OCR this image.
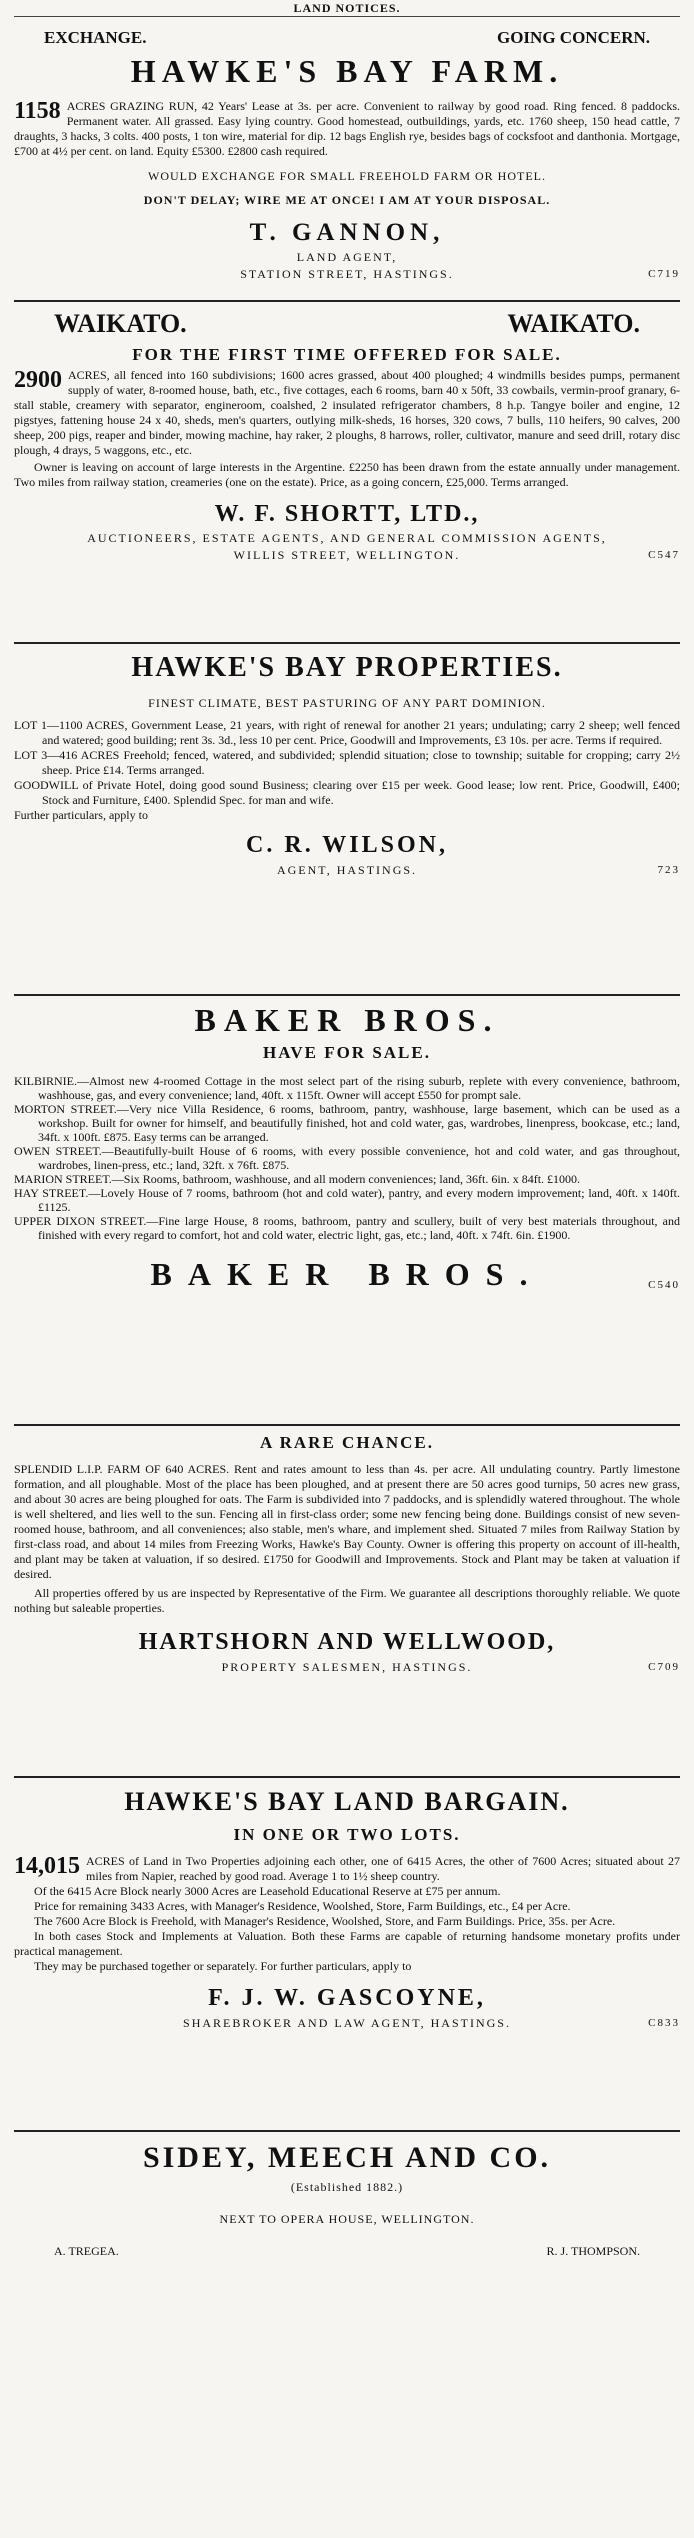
LAND NOTICES.
EXCHANGE.	GOING CONCERN.
HAWKE'S BAY FARM.
1158 ACRES GRAZING RUN, 42 Years' Lease at 3s. per acre. Convenient to railway by good road. Ring fenced. 8 paddocks. Permanent water. All grassed. Easy lying country. Good homestead, outbuildings, yards, etc. 1760 sheep, 150 head cattle, 7 draughts, 3 hacks, 3 colts. 400 posts, 1 ton wire, material for dip. 12 bags English rye, besides bags of cocksfoot and danthonia. Mortgage, £700 at 4½ per cent. on land. Equity £5300. £2800 cash required.
WOULD EXCHANGE FOR SMALL FREEHOLD FARM OR HOTEL.
DON'T DELAY; WIRE ME AT ONCE! I AM AT YOUR DISPOSAL.
T. GANNON,
LAND AGENT,
STATION STREET, HASTINGS.	C719
WAIKATO.	WAIKATO.
FOR THE FIRST TIME OFFERED FOR SALE.
2900 ACRES, all fenced into 160 subdivisions; 1600 acres grassed, about 400 ploughed; 4 windmills besides pumps, permanent supply of water, 8-roomed house, bath, etc., five cottages, each 6 rooms, barn 40 x 50ft, 33 cowbails, vermin-proof granary, 6-stall stable, creamery with separator, engineroom, coalshed, 2 insulated refrigerator chambers, 8 h.p. Tangye boiler and engine, 12 pigstyes, fattening house 24 x 40, sheds, men's quarters, outlying milk-sheds, 16 horses, 320 cows, 7 bulls, 110 heifers, 90 calves, 200 sheep, 200 pigs, reaper and binder, mowing machine, hay raker, 2 ploughs, 8 harrows, roller, cultivator, manure and seed drill, rotary disc plough, 4 drays, 5 waggons, etc., etc.
Owner is leaving on account of large interests in the Argentine. £2250 has been drawn from the estate annually under management. Two miles from railway station, creameries (one on the estate). Price, as a going concern, £25,000. Terms arranged.
W. F. SHORTT, LTD.,
AUCTIONEERS, ESTATE AGENTS, AND GENERAL COMMISSION AGENTS,
WILLIS STREET, WELLINGTON.	C547
HAWKE'S BAY PROPERTIES.
FINEST CLIMATE, BEST PASTURING OF ANY PART DOMINION.
LOT 1—1100 ACRES, Government Lease, 21 years, with right of renewal for another 21 years; undulating; carry 2 sheep; well fenced and watered; good building; rent 3s. 3d., less 10 per cent. Price, Goodwill and Improvements, £3 10s. per acre. Terms if required.
LOT 3—416 ACRES Freehold; fenced, watered, and subdivided; splendid situation; close to township; suitable for cropping; carry 2½ sheep. Price £14. Terms arranged.
GOODWILL of Private Hotel, doing good sound Business; clearing over £15 per week. Good lease; low rent. Price, Goodwill, £400; Stock and Furniture, £400. Splendid Spec. for man and wife.
Further particulars, apply to
C. R. WILSON,
AGENT, HASTINGS.	723
BAKER BROS.
HAVE FOR SALE.
KILBIRNIE.—Almost new 4-roomed Cottage in the most select part of the rising suburb, replete with every convenience, bathroom, washhouse, gas, and every convenience; land, 40ft. x 115ft. Owner will accept £550 for prompt sale.
MORTON STREET.—Very nice Villa Residence, 6 rooms, bathroom, pantry, washhouse, large basement, which can be used as a workshop. Built for owner for himself, and beautifully finished, hot and cold water, gas, wardrobes, linenpress, bookcase, etc.; land, 34ft. x 100ft. £875. Easy terms can be arranged.
OWEN STREET.—Beautifully-built House of 6 rooms, with every possible convenience, hot and cold water, and gas throughout, wardrobes, linen-press, etc.; land, 32ft. x 76ft. £875.
MARION STREET.—Six Rooms, bathroom, washhouse, and all modern conveniences; land, 36ft. 6in. x 84ft. £1000.
HAY STREET.—Lovely House of 7 rooms, bathroom (hot and cold water), pantry, and every modern improvement; land, 40ft. x 140ft. £1125.
UPPER DIXON STREET.—Fine large House, 8 rooms, bathroom, pantry and scullery, built of very best materials throughout, and finished with every regard to comfort, hot and cold water, electric light, gas, etc.; land, 40ft. x 74ft. 6in. £1900.
BAKER BROS.	C540
A RARE CHANCE.
SPLENDID L.I.P. FARM OF 640 ACRES. Rent and rates amount to less than 4s. per acre. All undulating country. Partly limestone formation, and all ploughable. Most of the place has been ploughed, and at present there are 50 acres good turnips, 50 acres new grass, and about 30 acres are being ploughed for oats. The Farm is subdivided into 7 paddocks, and is splendidly watered throughout. The whole is well sheltered, and lies well to the sun. Fencing all in first-class order; some new fencing being done. Buildings consist of new seven-roomed house, bathroom, and all conveniences; also stable, men's whare, and implement shed. Situated 7 miles from Railway Station by first-class road, and about 14 miles from Freezing Works, Hawke's Bay County. Owner is offering this property on account of ill-health, and plant may be taken at valuation, if so desired. £1750 for Goodwill and Improvements. Stock and Plant may be taken at valuation if desired.
All properties offered by us are inspected by Representative of the Firm. We guarantee all descriptions thoroughly reliable. We quote nothing but saleable properties.
HARTSHORN AND WELLWOOD,
PROPERTY SALESMEN, HASTINGS.	C709
HAWKE'S BAY LAND BARGAIN.
IN ONE OR TWO LOTS.
14,015 ACRES of Land in Two Properties adjoining each other, one of 6415 Acres, the other of 7600 Acres; situated about 27 miles from Napier, reached by good road. Average 1 to 1½ sheep country.
Of the 6415 Acre Block nearly 3000 Acres are Leasehold Educational Reserve at £75 per annum.
Price for remaining 3433 Acres, with Manager's Residence, Woolshed, Store, Farm Buildings, etc., £4 per Acre.
The 7600 Acre Block is Freehold, with Manager's Residence, Woolshed, Store, and Farm Buildings. Price, 35s. per Acre.
In both cases Stock and Implements at Valuation. Both these Farms are capable of returning handsome monetary profits under practical management.
They may be purchased together or separately. For further particulars, apply to
F. J. W. GASCOYNE,
SHAREBROKER AND LAW AGENT, HASTINGS.	C833
SIDEY, MEECH AND CO.
(Established 1882.)
NEXT TO OPERA HOUSE, WELLINGTON.
A. TREGEA.	R. J. THOMPSON.
